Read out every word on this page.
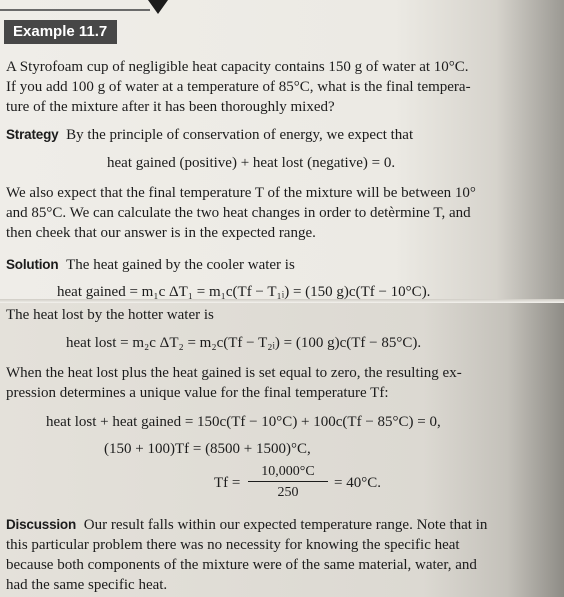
Example 11.7
A Styrofoam cup of negligible heat capacity contains 150 g of water at 10°C.
If you add 100 g of water at a temperature of 85°C, what is the final tempera-
ture of the mixture after it has been thoroughly mixed?
Strategy By the principle of conservation of energy, we expect that
heat gained (positive) + heat lost (negative) = 0.
We also expect that the final temperature T of the mixture will be between 10°
and 85°C. We can calculate the two heat changes in order to detèrmine T, and
then cheek that our answer is in the expected range.
Solution The heat gained by the cooler water is
heat gained = m₁c ΔT₁ = m₁c(Tf − T₁ᵢ) = (150 g)c(Tf − 10°C).
The heat lost by the hotter water is
heat lost = m₂c ΔT₂ = m₂c(Tf − T₂ᵢ) = (100 g)c(Tf − 85°C).
When the heat lost plus the heat gained is set equal to zero, the resulting ex-
pression determines a unique value for the final temperature Tf:
heat lost + heat gained = 150c(Tf − 10°C) + 100c(Tf − 85°C) = 0,
(150 + 100)Tf = (8500 + 1500)°C,
Tf =
10,000°C
250
= 40°C.
Discussion Our result falls within our expected temperature range. Note that in
this particular problem there was no necessity for knowing the specific heat
because both components of the mixture were of the same material, water, and
had the same specific heat.
